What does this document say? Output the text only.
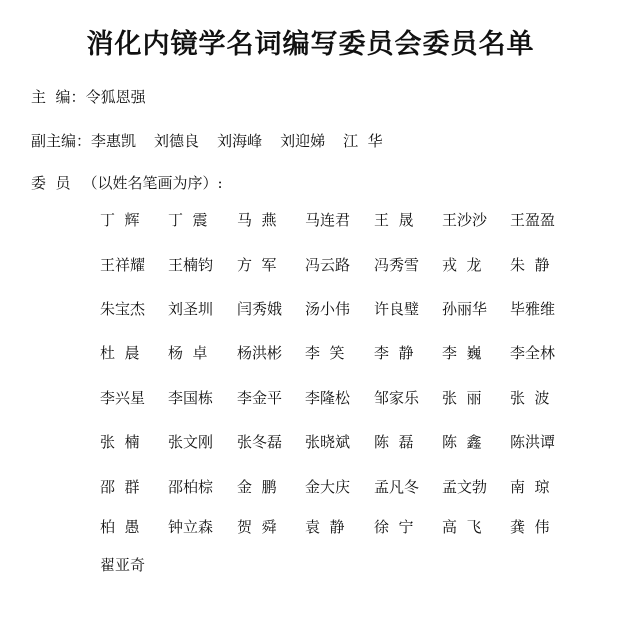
消化内镜学名词编写委员会委员名单
主  编：令狐恩强
副主编：李惠凯 刘德良 刘海峰 刘迎娣 江  华
委  员 （以姓名笔画为序）:
丁  辉 丁  震 马  燕 马连君 王  晟 王沙沙 王盈盈
王祥耀 王楠钧 方  军 冯云路 冯秀雪 戎  龙 朱  静
朱宝杰 刘圣圳 闫秀娥 汤小伟 许良璧 孙丽华 毕雅维
杜  晨 杨  卓 杨洪彬 李  笑 李  静 李  巍 李全林
李兴星 李国栋 李金平 李隆松 邹家乐 张  丽 张  波
张  楠 张文刚 张冬磊 张晓斌 陈  磊 陈  鑫 陈洪谭
邵  群 邵柏棕 金  鹏 金大庆 孟凡冬 孟文勃 南  琼
柏  愚 钟立森 贺  舜 袁  静 徐  宁 高  飞 龚  伟
翟亚奇
